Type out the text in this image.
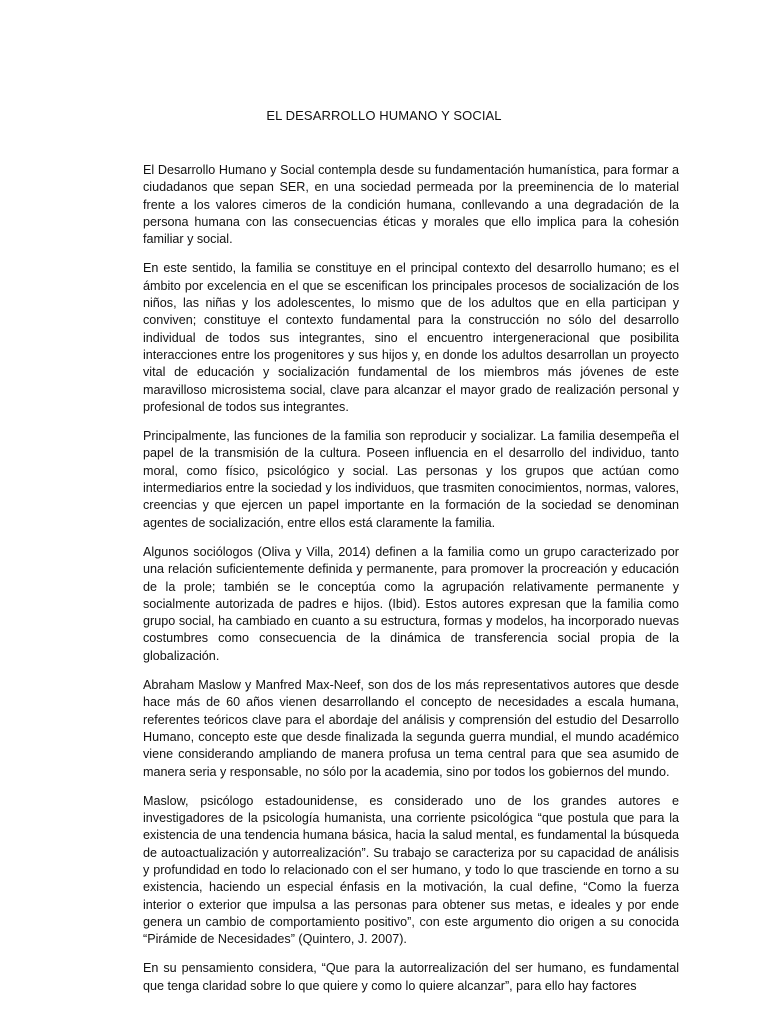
EL DESARROLLO HUMANO Y SOCIAL

El Desarrollo Humano y Social contempla desde su fundamentación humanística, para formar a ciudadanos que sepan SER, en una sociedad permeada por la preeminencia de lo material frente a los valores cimeros de la condición humana, conllevando a una degradación de la persona humana con las consecuencias éticas y morales que ello implica para la cohesión familiar y social.

En este sentido, la familia se constituye en el principal contexto del desarrollo humano; es el ámbito por excelencia en el que se escenifican los principales procesos de socialización de los niños, las niñas y los adolescentes, lo mismo que de los adultos que en ella participan y conviven; constituye el contexto fundamental para la construcción no sólo del desarrollo individual de todos sus integrantes, sino el encuentro intergeneracional que posibilita interacciones entre los progenitores y sus hijos y, en donde los adultos desarrollan un proyecto vital de educación y socialización fundamental de los miembros más jóvenes de este maravilloso microsistema social, clave para alcanzar el mayor grado de realización personal y profesional de todos sus integrantes.

Principalmente, las funciones de la familia son reproducir y socializar. La familia desempeña el papel de la transmisión de la cultura. Poseen influencia en el desarrollo del individuo, tanto moral, como físico, psicológico y social. Las personas y los grupos que actúan como intermediarios entre la sociedad y los individuos, que trasmiten conocimientos, normas, valores, creencias y que ejercen un papel importante en la formación de la sociedad se denominan agentes de socialización, entre ellos está claramente la familia.

Algunos sociólogos (Oliva y Villa, 2014) definen a la familia como un grupo caracterizado por una relación suficientemente definida y permanente, para promover la procreación y educación de la prole; también se le conceptúa como la agrupación relativamente permanente y socialmente autorizada de padres e hijos. (Ibid). Estos autores expresan que la familia como grupo social, ha cambiado en cuanto a su estructura, formas y modelos, ha incorporado nuevas costumbres como consecuencia de la dinámica de transferencia social propia de la globalización.

Abraham Maslow y Manfred Max-Neef, son dos de los más representativos autores que desde hace más de 60 años vienen desarrollando el concepto de necesidades a escala humana, referentes teóricos clave para el abordaje del análisis y comprensión del estudio del Desarrollo Humano, concepto este que desde finalizada la segunda guerra mundial, el mundo académico viene considerando ampliando de manera profusa un tema central para que sea asumido de manera seria y responsable, no sólo por la academia, sino por todos los gobiernos del mundo.

Maslow, psicólogo estadounidense, es considerado uno de los grandes autores e investigadores de la psicología humanista, una corriente psicológica “que postula que para la existencia de una tendencia humana básica, hacia la salud mental, es fundamental la búsqueda de autoactualización y autorrealización”. Su trabajo se caracteriza por su capacidad de análisis y profundidad en todo lo relacionado con el ser humano, y todo lo que trasciende en torno a su existencia, haciendo un especial énfasis en la motivación, la cual define, “Como la fuerza interior o exterior que impulsa a las personas para obtener sus metas, e ideales y por ende genera un cambio de comportamiento positivo”, con este argumento dio origen a su conocida “Pirámide de Necesidades” (Quintero, J. 2007).

En su pensamiento considera, “Que para la autorrealización del ser humano, es fundamental que tenga claridad sobre lo que quiere y como lo quiere alcanzar”, para ello hay factores
